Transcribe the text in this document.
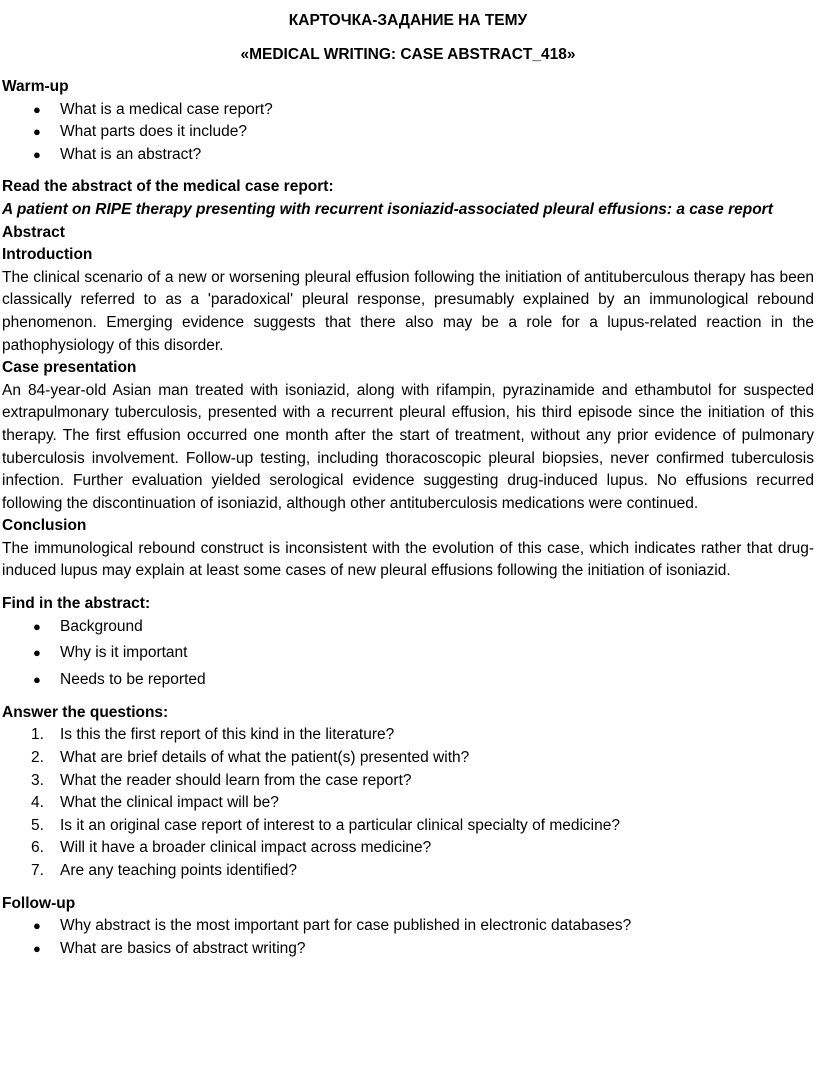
КАРТОЧКА-ЗАДАНИЕ НА ТЕМУ

«MEDICAL WRITING: CASE ABSTRACT_418»

Warm-up

● What is a medical case report?
● What parts does it include?
● What is an abstract?

Read the abstract of the medical case report:

A patient on RIPE therapy presenting with recurrent isoniazid-associated pleural effusions: a case report

Abstract

Introduction

The clinical scenario of a new or worsening pleural effusion following the initiation of antituberculous therapy has been classically referred to as a 'paradoxical' pleural response, presumably explained by an immunological rebound phenomenon. Emerging evidence suggests that there also may be a role for a lupus-related reaction in the pathophysiology of this disorder.

Case presentation

An 84-year-old Asian man treated with isoniazid, along with rifampin, pyrazinamide and ethambutol for suspected extrapulmonary tuberculosis, presented with a recurrent pleural effusion, his third episode since the initiation of this therapy. The first effusion occurred one month after the start of treatment, without any prior evidence of pulmonary tuberculosis involvement. Follow-up testing, including thoracoscopic pleural biopsies, never confirmed tuberculosis infection. Further evaluation yielded serological evidence suggesting drug-induced lupus. No effusions recurred following the discontinuation of isoniazid, although other antituberculosis medications were continued.

Conclusion

The immunological rebound construct is inconsistent with the evolution of this case, which indicates rather that drug-induced lupus may explain at least some cases of new pleural effusions following the initiation of isoniazid.

Find in the abstract:

● Background
● Why is it important
● Needs to be reported

Answer the questions:

1. Is this the first report of this kind in the literature?
2. What are brief details of what the patient(s) presented with?
3. What the reader should learn from the case report?
4. What the clinical impact will be?
5. Is it an original case report of interest to a particular clinical specialty of medicine?
6. Will it have a broader clinical impact across medicine?
7. Are any teaching points identified?

Follow-up

● Why abstract is the most important part for case published in electronic databases?
● What are basics of abstract writing?
